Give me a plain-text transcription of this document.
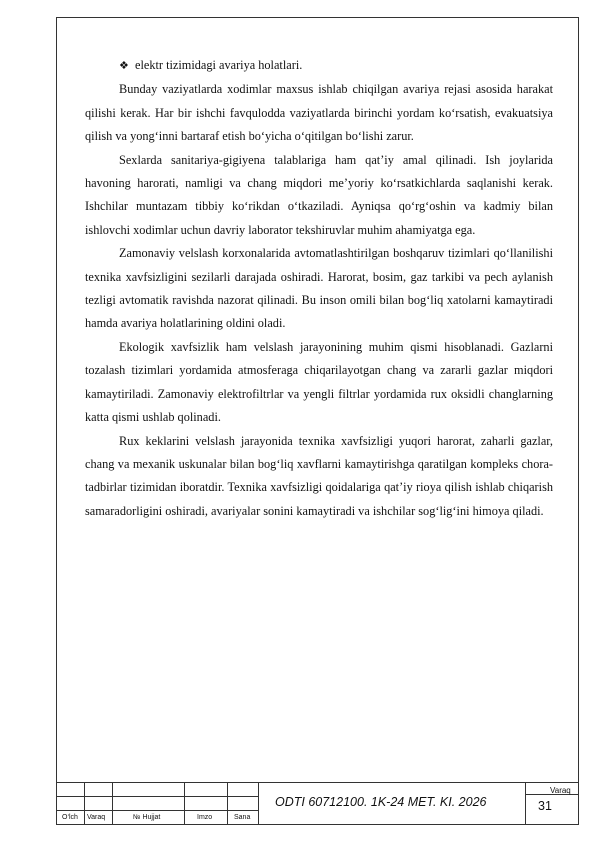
❖ elektr tizimidagi avariya holatlari.

Bunday vaziyatlarda xodimlar maxsus ishlab chiqilgan avariya rejasi asosida harakat qilishi kerak. Har bir ishchi favqulodda vaziyatlarda birinchi yordam ko‘rsatish, evakuatsiya qilish va yong‘inni bartaraf etish bo‘yicha o‘qitilgan bo‘lishi zarur.

Sexlarda sanitariya-gigiyena talablariga ham qat’iy amal qilinadi. Ish joylarida havoning harorati, namligi va chang miqdori me’yoriy ko‘rsatkichlarda saqlanishi kerak. Ishchilar muntazam tibbiy ko‘rikdan o‘tkaziladi. Ayniqsa qo‘rg‘oshin va kadmiy bilan ishlovchi xodimlar uchun davriy laborator tekshiruvlar muhim ahamiyatga ega.

Zamonaviy velslash korxonalarida avtomatlashtirilgan boshqaruv tizimlari qo‘llanilishi texnika xavfsizligini sezilarli darajada oshiradi. Harorat, bosim, gaz tarkibi va pech aylanish tezligi avtomatik ravishda nazorat qilinadi. Bu inson omili bilan bog‘liq xatolarni kamaytiradi hamda avariya holatlarining oldini oladi.

Ekologik xavfsizlik ham velslash jarayonining muhim qismi hisoblanadi. Gazlarni tozalash tizimlari yordamida atmosferaga chiqarilayotgan chang va zararli gazlar miqdori kamaytiriladi. Zamonaviy elektrofiltrlar va yengli filtrlar yordamida rux oksidli changlarning katta qismi ushlab qolinadi.

Rux keklarini velslash jarayonida texnika xavfsizligi yuqori harorat, zaharli gazlar, chang va mexanik uskunalar bilan bog‘liq xavflarni kamaytirishga qaratilgan kompleks chora-tadbirlar tizimidan iboratdir. Texnika xavfsizligi qoidalariga qat’iy rioya qilish ishlab chiqarish samaradorligini oshiradi, avariyalar sonini kamaytiradi va ishchilar sog‘lig‘ini himoya qiladi.

O‘lch Varaq	№ Hujjat	Imzo	Sana
ODTI 60712100. 1K-24 MET. KI. 2026
Varaq
31
